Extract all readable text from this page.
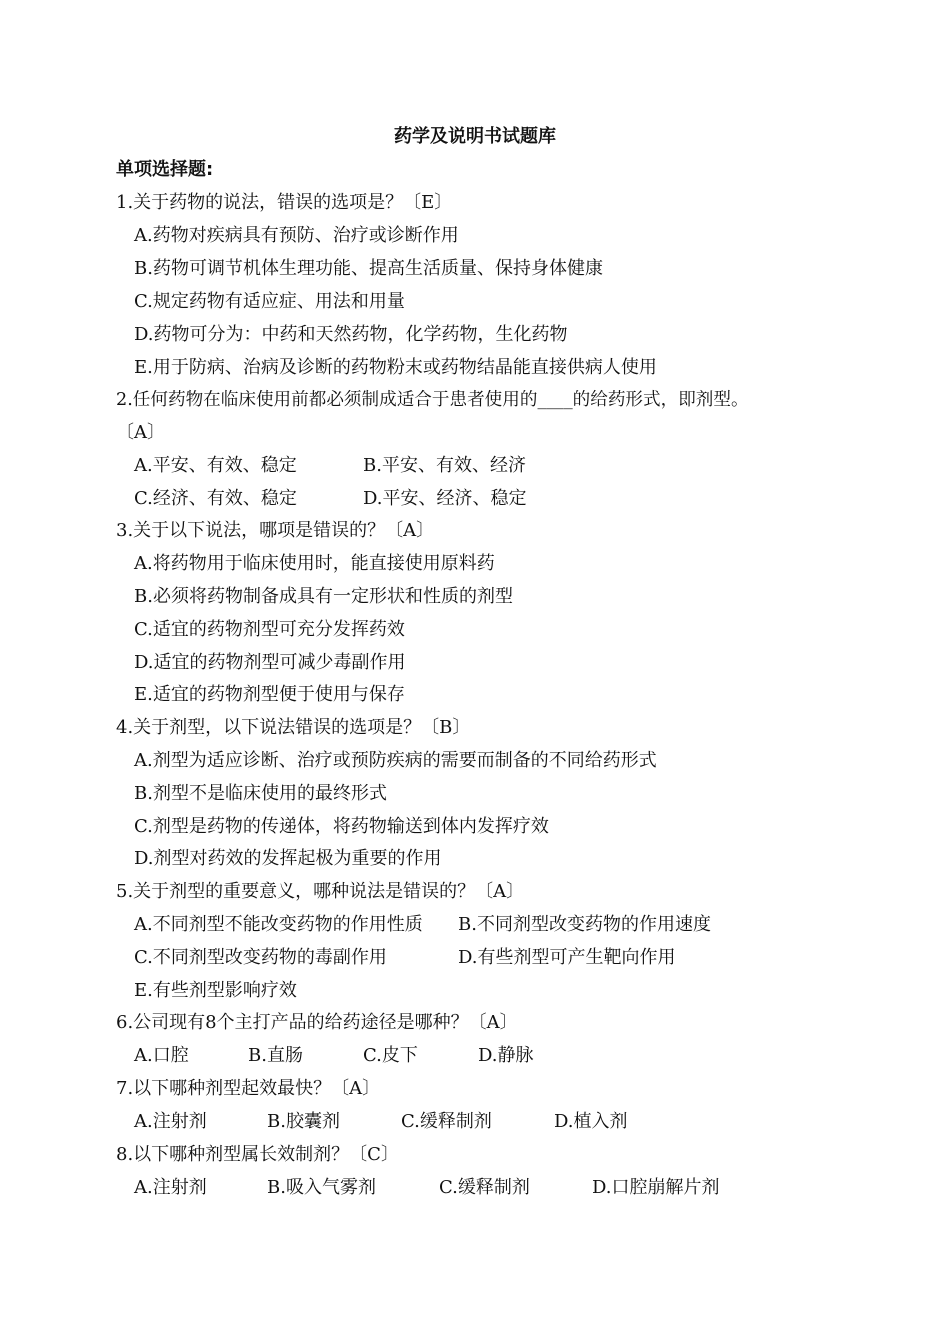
药学及说明书试题库
单项选择题:
1.关于药物的说法，错误的选项是？〔E〕
A.药物对疾病具有预防、治疗或诊断作用
B.药物可调节机体生理功能、提高生活质量、保持身体健康
C.规定药物有适应症、用法和用量
D.药物可分为：中药和天然药物，化学药物，生化药物
E.用于防病、治病及诊断的药物粉末或药物结晶能直接供病人使用
2.任何药物在临床使用前都必须制成适合于患者使用的____的给药形式，即剂型。
〔A〕
A.平安、有效、稳定	B.平安、有效、经济
C.经济、有效、稳定	D.平安、经济、稳定
3.关于以下说法，哪项是错误的？〔A〕
A.将药物用于临床使用时，能直接使用原料药
B.必须将药物制备成具有一定形状和性质的剂型
C.适宜的药物剂型可充分发挥药效
D.适宜的药物剂型可减少毒副作用
E.适宜的药物剂型便于使用与保存
4.关于剂型，以下说法错误的选项是？〔B〕
A.剂型为适应诊断、治疗或预防疾病的需要而制备的不同给药形式
B.剂型不是临床使用的最终形式
C.剂型是药物的传递体，将药物输送到体内发挥疗效
D.剂型对药效的发挥起极为重要的作用
5.关于剂型的重要意义，哪种说法是错误的？〔A〕
A.不同剂型不能改变药物的作用性质 B.不同剂型改变药物的作用速度
C.不同剂型改变药物的毒副作用	D.有些剂型可产生靶向作用
E.有些剂型影响疗效
6.公司现有8个主打产品的给药途径是哪种？〔A〕
A.口腔	B.直肠	C.皮下	D.静脉
7.以下哪种剂型起效最快？〔A〕
A.注射剂	B.胶囊剂	C.缓释制剂	D.植入剂
8.以下哪种剂型属长效制剂？〔C〕
A.注射剂	B.吸入气雾剂	C.缓释制剂	D.口腔崩解片剂
